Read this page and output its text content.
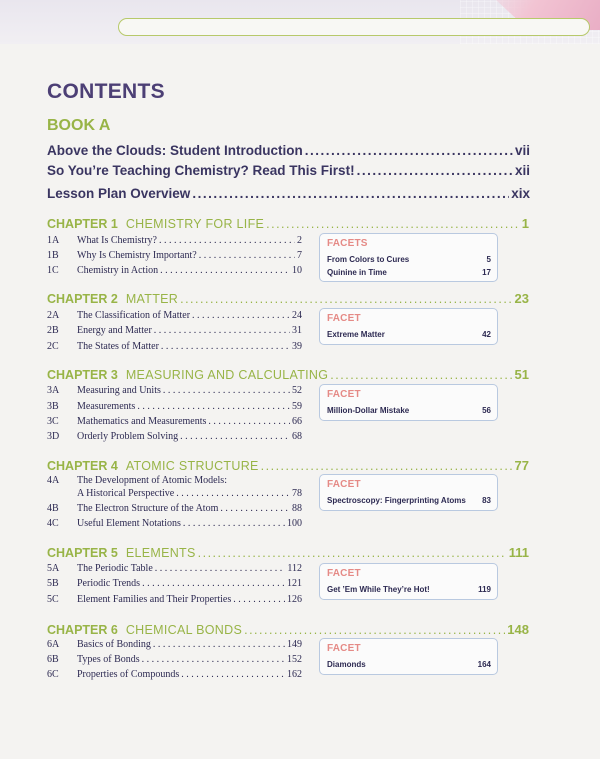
CONTENTS
BOOK A
Above the Clouds: Student Introduction .....	vii
So You’re Teaching Chemistry? Read This First! .....	xii
Lesson Plan Overview .....	xix
CHAPTER 1 CHEMISTRY FOR LIFE .....	1
1A	What Is Chemistry? . . .	2
1B	Why Is Chemistry Important? . . .	7
1C	Chemistry in Action . . .	10
FACETS
From Colors to Cures	5
Quinine in Time	17
CHAPTER 2 MATTER .....	23
2A	The Classification of Matter . . .	24
2B	Energy and Matter . . .	31
2C	The States of Matter . . .	39
FACET
Extreme Matter	42
CHAPTER 3 MEASURING AND CALCULATING .....	51
3A	Measuring and Units . . .	52
3B	Measurements . . .	59
3C	Mathematics and Measurements . . .	66
3D	Orderly Problem Solving . . .	68
FACET
Million-Dollar Mistake	56
CHAPTER 4 ATOMIC STRUCTURE .....	77
4A	The Development of Atomic Models:
A Historical Perspective . . .	78
4B	The Electron Structure of the Atom . . .	88
4C	Useful Element Notations . . .	100
FACET
Spectroscopy: Fingerprinting Atoms 83
CHAPTER 5 ELEMENTS .....	111
5A	The Periodic Table . . .	112
5B	Periodic Trends . . .	121
5C	Element Families and Their Properties . . .	126
FACET
Get ’Em While They’re Hot!	119
CHAPTER 6 CHEMICAL BONDS .....	148
6A	Basics of Bonding . . .	149
6B	Types of Bonds . . .	152
6C	Properties of Compounds . . .	162
FACET
Diamonds	164
